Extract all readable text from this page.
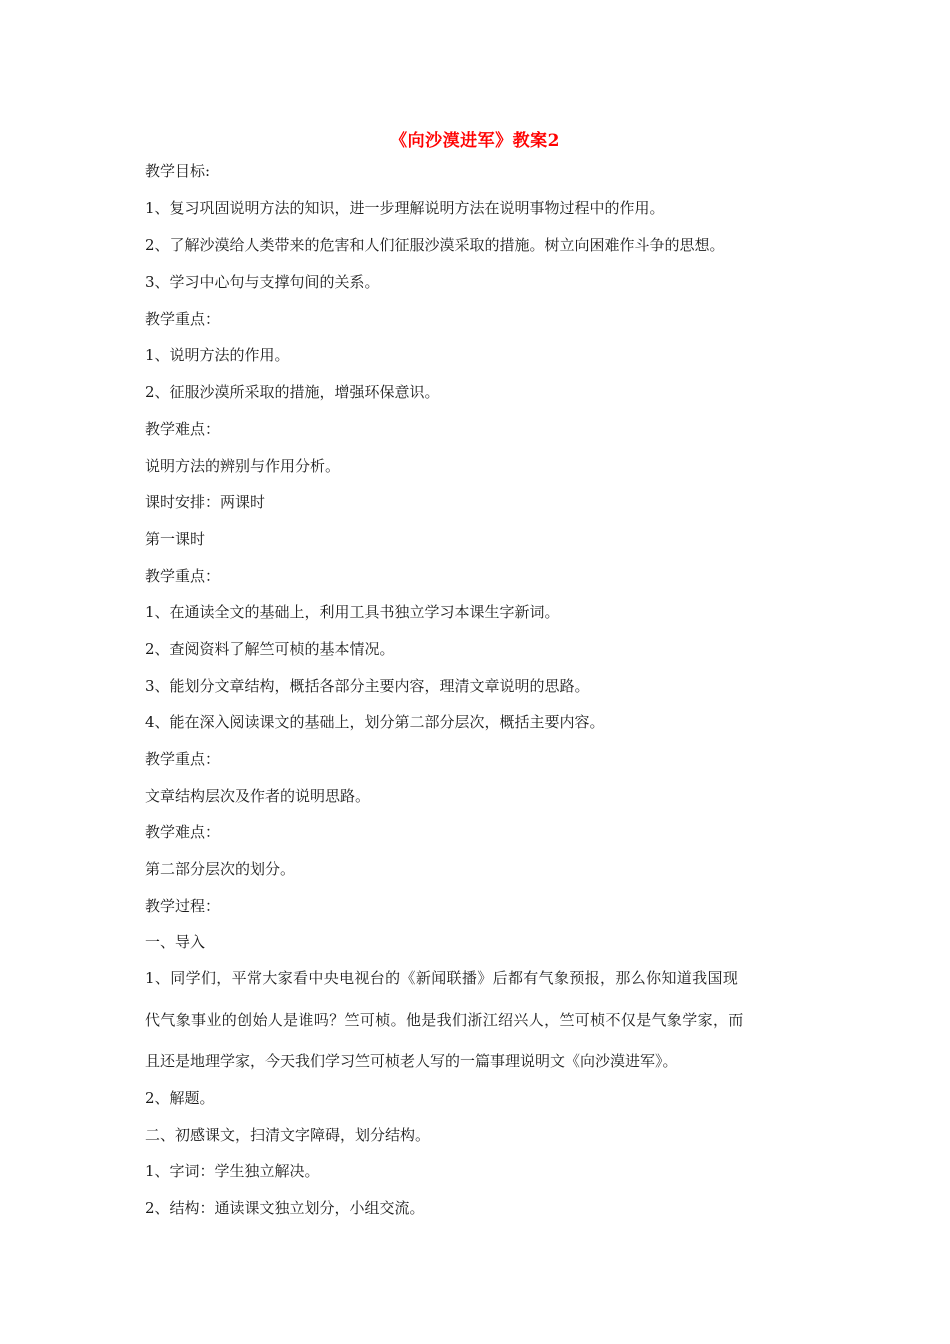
《向沙漠进军》教案2
教学目标:
1、复习巩固说明方法的知识，进一步理解说明方法在说明事物过程中的作用。
2、了解沙漠给人类带来的危害和人们征服沙漠采取的措施。树立向困难作斗争的思想。
3、学习中心句与支撑句间的关系。
教学重点：
1、说明方法的作用。
2、征服沙漠所采取的措施，增强环保意识。
教学难点：
说明方法的辨别与作用分析。
课时安排：两课时
第一课时
教学重点：
1、在通读全文的基础上，利用工具书独立学习本课生字新词。
2、查阅资料了解竺可桢的基本情况。
3、能划分文章结构，概括各部分主要内容，理清文章说明的思路。
4、能在深入阅读课文的基础上，划分第二部分层次，概括主要内容。
教学重点：
文章结构层次及作者的说明思路。
教学难点：
第二部分层次的划分。
教学过程：
一、导入
1、同学们，平常大家看中央电视台的《新闻联播》后都有气象预报，那么你知道我国现
代气象事业的创始人是谁吗？竺可桢。他是我们浙江绍兴人，竺可桢不仅是气象学家，而
且还是地理学家，今天我们学习竺可桢老人写的一篇事理说明文《向沙漠进军》。
2、解题。
二、初感课文，扫清文字障碍，划分结构。
1、字词：学生独立解决。
2、结构：通读课文独立划分，小组交流。
